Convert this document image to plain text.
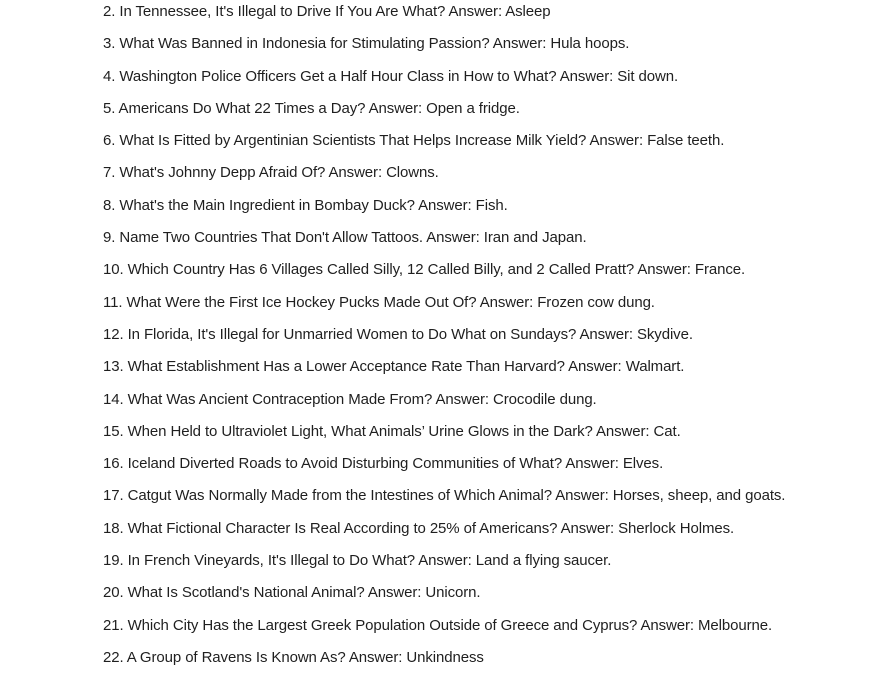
2. In Tennessee, It's Illegal to Drive If You Are What? Answer: Asleep
3. What Was Banned in Indonesia for Stimulating Passion? Answer: Hula hoops.
4. Washington Police Officers Get a Half Hour Class in How to What? Answer: Sit down.
5. Americans Do What 22 Times a Day? Answer: Open a fridge.
6. What Is Fitted by Argentinian Scientists That Helps Increase Milk Yield? Answer: False teeth.
7. What's Johnny Depp Afraid Of? Answer: Clowns.
8. What's the Main Ingredient in Bombay Duck? Answer: Fish.
9. Name Two Countries That Don't Allow Tattoos. Answer: Iran and Japan.
10. Which Country Has 6 Villages Called Silly, 12 Called Billy, and 2 Called Pratt? Answer: France.
11. What Were the First Ice Hockey Pucks Made Out Of? Answer: Frozen cow dung.
12. In Florida, It's Illegal for Unmarried Women to Do What on Sundays? Answer: Skydive.
13. What Establishment Has a Lower Acceptance Rate Than Harvard? Answer: Walmart.
14. What Was Ancient Contraception Made From? Answer: Crocodile dung.
15. When Held to Ultraviolet Light, What Animals’ Urine Glows in the Dark? Answer: Cat.
16. Iceland Diverted Roads to Avoid Disturbing Communities of What? Answer: Elves.
17. Catgut Was Normally Made from the Intestines of Which Animal? Answer: Horses, sheep, and goats.
18. What Fictional Character Is Real According to 25% of Americans? Answer: Sherlock Holmes.
19. In French Vineyards, It's Illegal to Do What? Answer: Land a flying saucer.
20. What Is Scotland's National Animal? Answer: Unicorn.
21. Which City Has the Largest Greek Population Outside of Greece and Cyprus? Answer: Melbourne.
22. A Group of Ravens Is Known As? Answer: Unkindness
